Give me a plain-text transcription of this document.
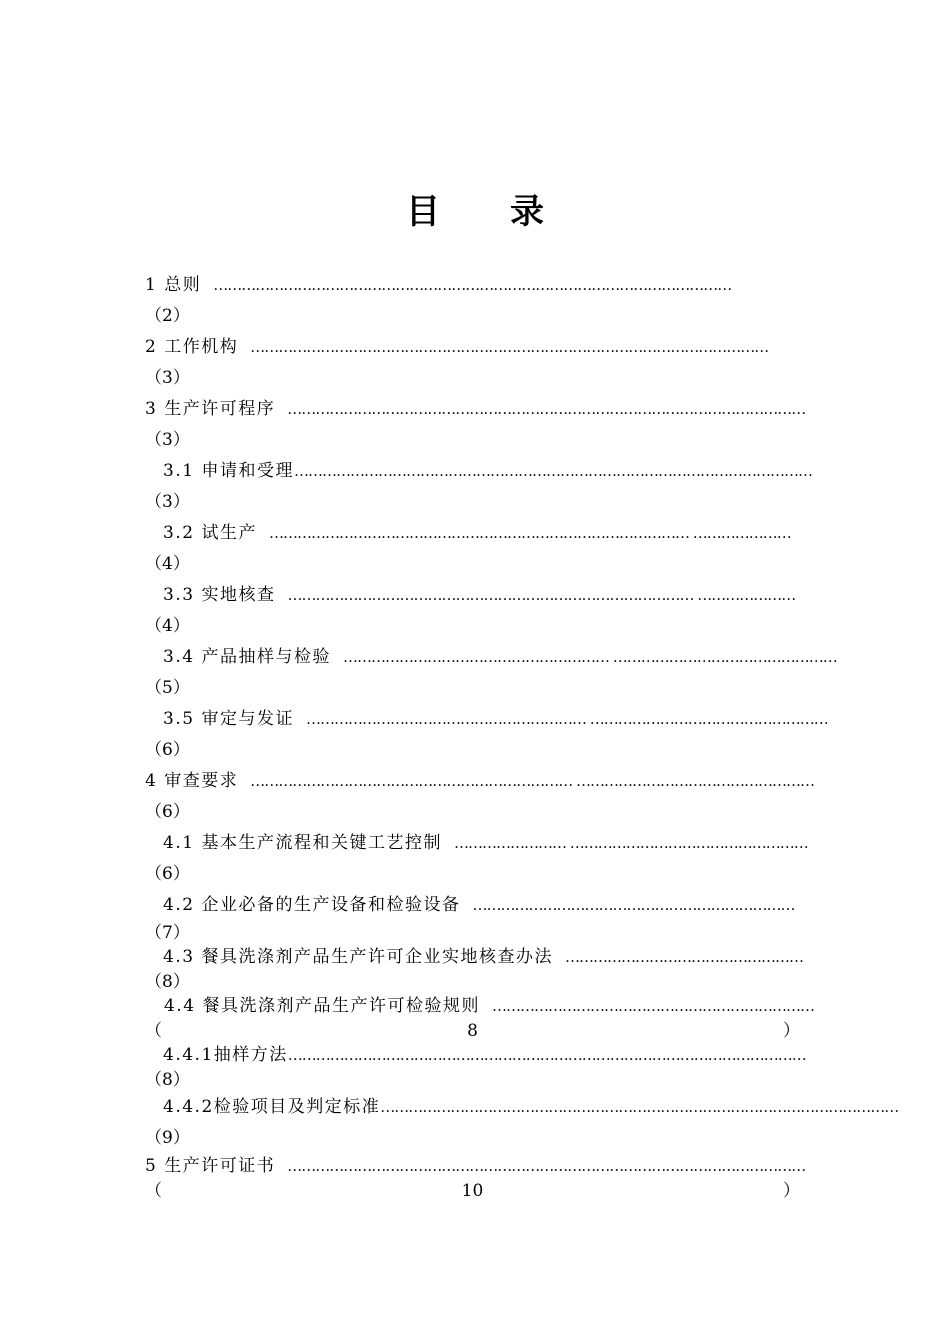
目 录
1 总则 …………………………………………………………………………………………………
（2）
2 工作机构 …………………………………………………………………………………………………
（3）
3 生产许可程序 …………………………………………………………………………………………………
（3）
3.1 申请和受理 …………………………………………………………………………………………………
（3）
3.2 试生产 ……………………………………………………………………………… …………………
（4）
3.3 实地核查 …………………………………………………………………………… …………………
（4）
3.4 产品抽样与检验 ………………………………………………… …………………………………………
（5）
3.5 审定与发证 …………………………………………………… ……………………………………………
（6）
4 审查要求 …………………………………………………………… ……………………………………………
（6）
4.1 基本生产流程和关键工艺控制 …………………… ……………………………………………
（6）
4.2 企业必备的生产设备和检验设备 ……………………………………………………………
（7）
4.3 餐具洗涤剂产品生产许可企业实地核查办法 ……………………………………………
（8）
4.4 餐具洗涤剂产品生产许可检验规则 ……………………………………………………………
（	8	）
4.4.1抽样方法 …………………………………………………………………………………………………
（8）
4.4.2检验项目及判定标准 …………………………………………………………………………………………………
（9）
5 生产许可证书 …………………………………………………………………………………………………
（	10	）
